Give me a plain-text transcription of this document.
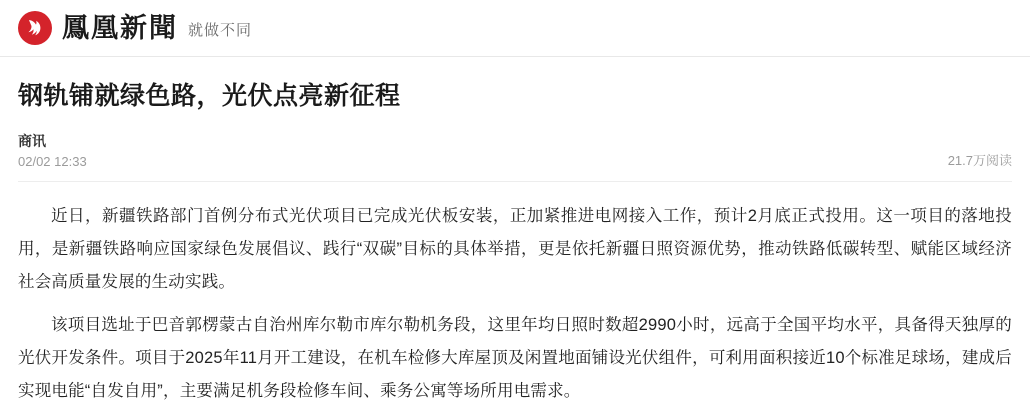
鳳凰新聞 就做不同
钢轨铺就绿色路，光伏点亮新征程
商讯
02/02 12:33	21.7万阅读

近日，新疆铁路部门首例分布式光伏项目已完成光伏板安装，正加紧推进电网接入工作，预计2月底正式投用。这一项目的落地投用，是新疆铁路响应国家绿色发展倡议、践行“双碳”目标的具体举措，更是依托新疆日照资源优势，推动铁路低碳转型、赋能区域经济社会高质量发展的生动实践。

该项目选址于巴音郭楞蒙古自治州库尔勒市库尔勒机务段，这里年均日照时数超2990小时，远高于全国平均水平，具备得天独厚的光伏开发条件。项目于2025年11月开工建设，在机车检修大库屋顶及闲置地面铺设光伏组件，可利用面积接近10个标准足球场，建成后实现电能“自发自用”，主要满足机务段检修车间、乘务公寓等场所用电需求。
